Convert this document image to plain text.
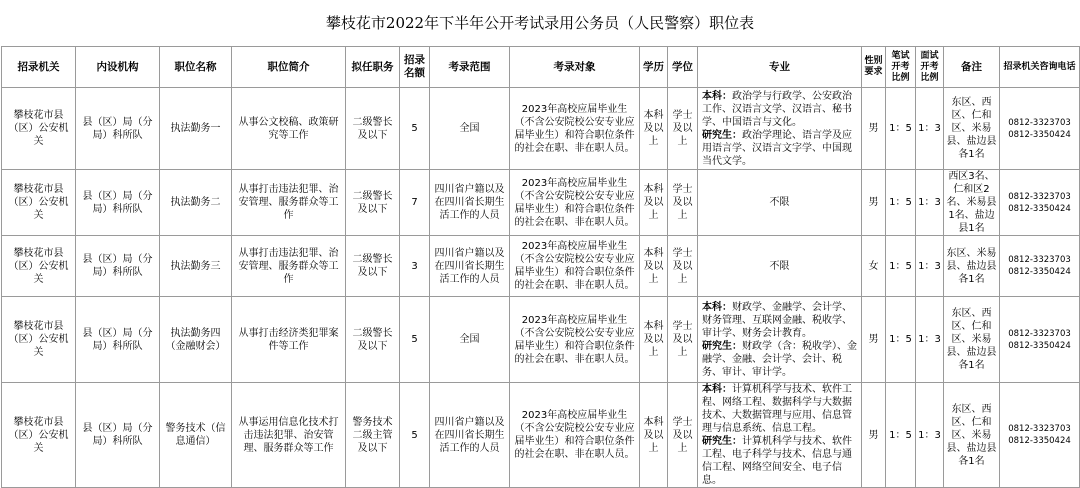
攀枝花市2022年下半年公开考试录用公务员（人民警察）职位表
招录机关	内设机构	职位名称	职位简介	拟任职务	招录名额	考录范围	考录对象	学历	学位	专业	性别要求	笔试开考比例	面试开考比例	备注	招录机关咨询电话
攀枝花市县（区）公安机关	县（区）局（分局）科所队	执法勤务一	从事公文校稿、政策研究等工作	二级警长及以下	5	全国	2023年高校应届毕业生（不含公安院校公安专业应届毕业生）和符合职位条件的社会在职、非在职人员。	本科及以上	学士及以上	本科：政治学与行政学、公安政治工作、汉语言文学、汉语言、秘书学、中国语言与文化。
研究生：政治学理论、语言学及应用语言学、汉语言文字学、中国现当代文学。	男	1：5	1：3	东区、西区、仁和区、米易县、盐边县各1名	0812-3323703
0812-3350424
攀枝花市县（区）公安机关	县（区）局（分局）科所队	执法勤务二	从事打击违法犯罪、治安管理、服务群众等工作	二级警长及以下	7	四川省户籍以及在四川省长期生活工作的人员	2023年高校应届毕业生（不含公安院校公安专业应届毕业生）和符合职位条件的社会在职、非在职人员。	本科及以上	学士及以上	不限	男	1：5	1：3	西区3名、仁和区2名、米易县1名、盐边县1名	0812-3323703
0812-3350424
攀枝花市县（区）公安机关	县（区）局（分局）科所队	执法勤务三	从事打击违法犯罪、治安管理、服务群众等工作	二级警长及以下	3	四川省户籍以及在四川省长期生活工作的人员	2023年高校应届毕业生（不含公安院校公安专业应届毕业生）和符合职位条件的社会在职、非在职人员。	本科及以上	学士及以上	不限	女	1：5	1：3	东区、米易县、盐边县各1名	0812-3323703
0812-3350424
攀枝花市县（区）公安机关	县（区）局（分局）科所队	执法勤务四（金融财会）	从事打击经济类犯罪案件等工作	二级警长及以下	5	全国	2023年高校应届毕业生（不含公安院校公安专业应届毕业生）和符合职位条件的社会在职、非在职人员。	本科及以上	学士及以上	本科：财政学、金融学、会计学、财务管理、互联网金融、税收学、审计学、财务会计教育。
研究生：财政学（含：税收学）、金融学、金融、会计学、会计、税务、审计、审计学。	男	1：5	1：3	东区、西区、仁和区、米易县、盐边县各1名	0812-3323703
0812-3350424
攀枝花市县（区）公安机关	县（区）局（分局）科所队	警务技术（信息通信）	从事运用信息化技术打击违法犯罪、治安管理、服务群众等工作	警务技术二级主管及以下	5	四川省户籍以及在四川省长期生活工作的人员	2023年高校应届毕业生（不含公安院校公安专业应届毕业生）和符合职位条件的社会在职、非在职人员。	本科及以上	学士及以上	本科：计算机科学与技术、软件工程、网络工程、数据科学与大数据技术、大数据管理与应用、信息管理与信息系统、信息工程。
研究生：计算机科学与技术、软件工程、电子科学与技术、信息与通信工程、网络空间安全、电子信息。	男	1：5	1：3	东区、西区、仁和区、米易县、盐边县各1名	0812-3323703
0812-3350424
